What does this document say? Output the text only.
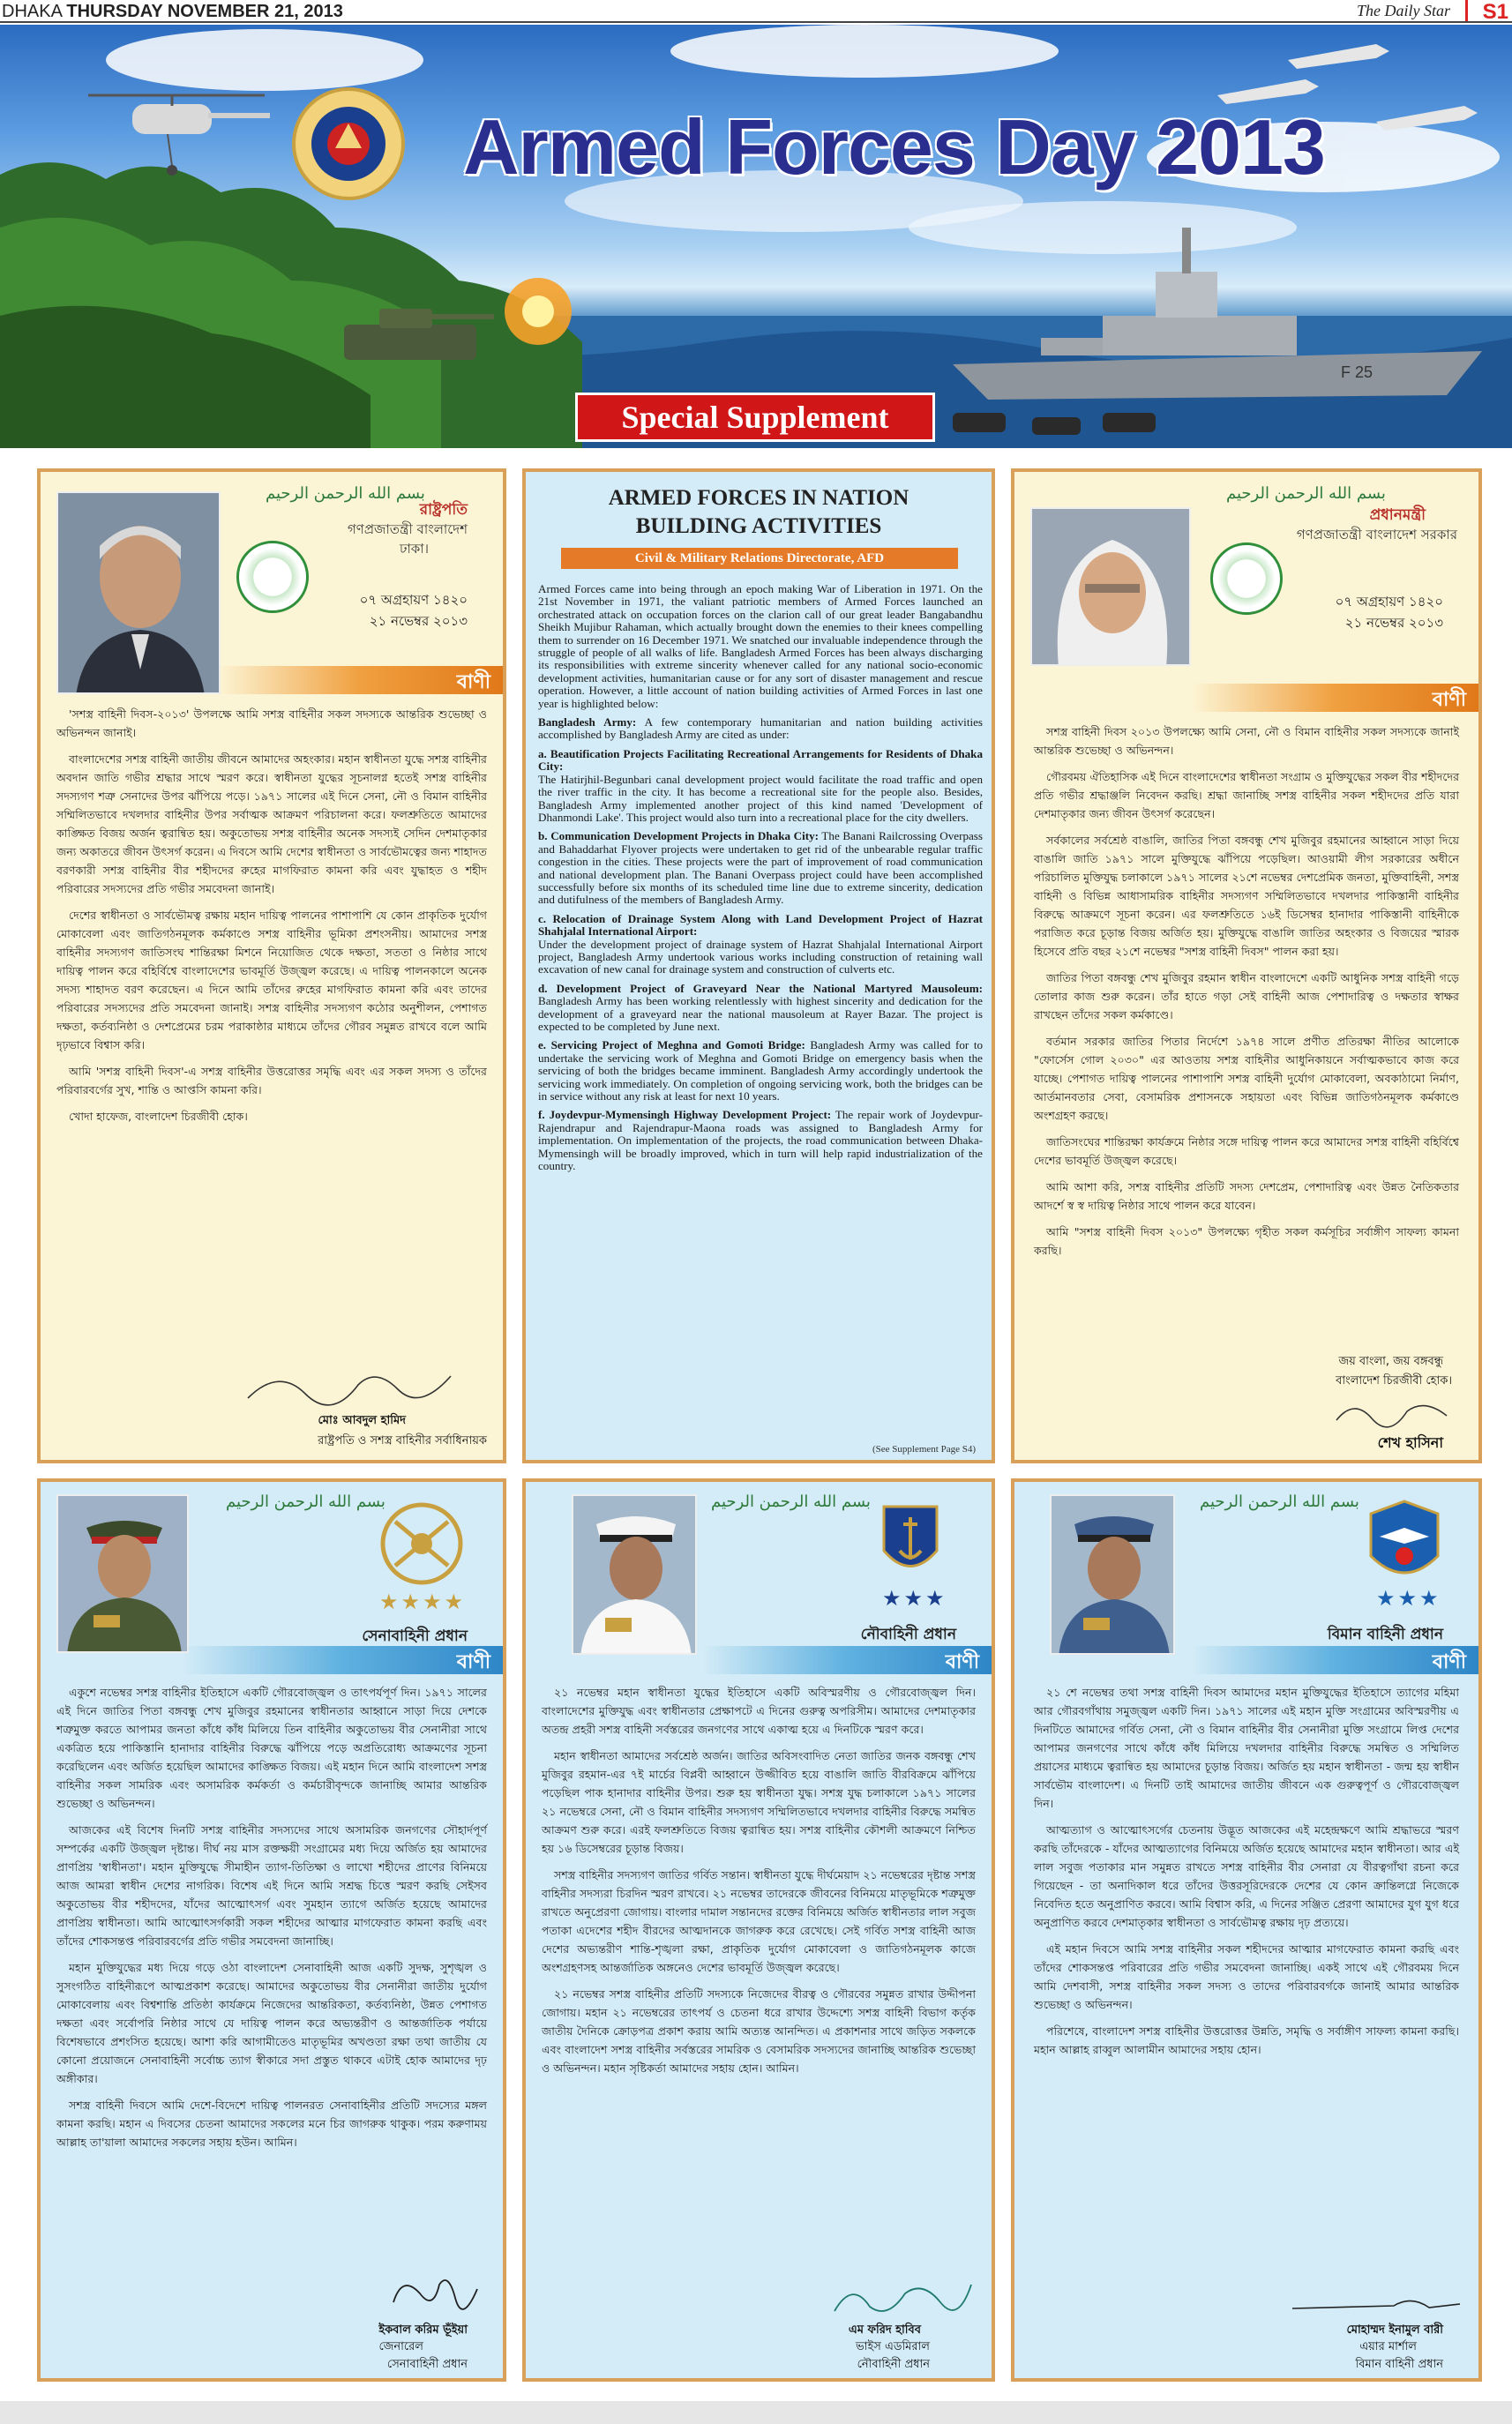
DHAKA THURSDAY NOVEMBER 21, 2013	The Daily Star S1
F 25
Armed Forces Day 2013
Special Supplement
بسم الله الرحمن الرحيم
রাষ্ট্রপতি
গণপ্রজাতন্ত্রী বাংলাদেশ
ঢাকা।
০৭ অগ্রহায়ণ ১৪২০
২১ নভেম্বর ২০১৩
বাণী

'সশস্ত্র বাহিনী দিবস-২০১৩' উপলক্ষে আমি সশস্ত্র বাহিনীর সকল সদস্যকে আন্তরিক শুভেচ্ছা ও অভিনন্দন জানাই।

বাংলাদেশের সশস্ত্র বাহিনী জাতীয় জীবনে আমাদের অহংকার। মহান স্বাধীনতা যুদ্ধে সশস্ত্র বাহিনীর অবদান জাতি গভীর শ্রদ্ধার সাথে স্মরণ করে। স্বাধীনতা যুদ্ধের সূচনালগ্ন হতেই সশস্ত্র বাহিনীর সদস্যগণ শত্রু সেনাদের উপর ঝাঁপিয়ে পড়ে। ১৯৭১ সালের এই দিনে সেনা, নৌ ও বিমান বাহিনীর সম্মিলিতভাবে দখলদার বাহিনীর উপর সর্বাত্মক আক্রমণ পরিচালনা করে। ফলশ্রুতিতে আমাদের কাঙ্ক্ষিত বিজয় অর্জন ত্বরান্বিত হয়। অকুতোভয় সশস্ত্র বাহিনীর অনেক সদস্যই সেদিন দেশমাতৃকার জন্য অকাতরে জীবন উৎসর্গ করেন। এ দিবসে আমি দেশের স্বাধীনতা ও সার্বভৌমত্বের জন্য শাহাদত বরণকারী সশস্ত্র বাহিনীর বীর শহীদদের রুহের মাগফিরাত কামনা করি এবং যুদ্ধাহত ও শহীদ পরিবারের সদস্যদের প্রতি গভীর সমবেদনা জানাই।

দেশের স্বাধীনতা ও সার্বভৌমত্ব রক্ষায় মহান দায়িত্ব পালনের পাশাপাশি যে কোন প্রাকৃতিক দুর্যোগ মোকাবেলা এবং জাতিগঠনমূলক কর্মকাণ্ডে সশস্ত্র বাহিনীর ভূমিকা প্রশংসনীয়। আমাদের সশস্ত্র বাহিনীর সদস্যগণ জাতিসংঘ শান্তিরক্ষা মিশনে নিয়োজিত থেকে দক্ষতা, সততা ও নিষ্ঠার সাথে দায়িত্ব পালন করে বহির্বিশ্বে বাংলাদেশের ভাবমূর্তি উজ্জ্বল করেছে। এ দায়িত্ব পালনকালে অনেক সদস্য শাহাদত বরণ করেছেন। এ দিনে আমি তাঁদের রুহের মাগফিরাত কামনা করি এবং তাদের পরিবারের সদস্যদের প্রতি সমবেদনা জানাই। সশস্ত্র বাহিনীর সদস্যগণ কঠোর অনুশীলন, পেশাগত দক্ষতা, কর্তব্যনিষ্ঠা ও দেশপ্রেমের চরম পরাকাষ্ঠার মাধ্যমে তাঁদের গৌরব সমুন্নত রাখবে বলে আমি দৃঢ়ভাবে বিশ্বাস করি।

আমি 'সশস্ত্র বাহিনী দিবস'-এ সশস্ত্র বাহিনীর উত্তরোত্তর সমৃদ্ধি এবং এর সকল সদস্য ও তাঁদের পরিবারবর্গের সুখ, শান্তি ও আপ্তসি কামনা করি।

খোদা হাফেজ, বাংলাদেশ চিরজীবী হোক।

মোঃ আবদুল হামিদ
রাষ্ট্রপতি ও সশস্ত্র বাহিনীর সর্বাধিনায়ক
ARMED FORCES IN NATION
BUILDING ACTIVITIES
Civil & Military Relations Directorate, AFD

Armed Forces came into being through an epoch making War of Liberation in 1971. On the 21st November in 1971, the valiant patriotic members of Armed Forces launched an orchestrated attack on occupation forces on the clarion call of our great leader Bangabandhu Sheikh Mujibur Rahaman, which actually brought down the enemies to their knees compelling them to surrender on 16 December 1971. We snatched our invaluable independence through the struggle of people of all walks of life. Bangladesh Armed Forces has been always discharging its responsibilities with extreme sincerity whenever called for any national socio-economic development activities, humanitarian cause or for any sort of disaster management and rescue operation. However, a little account of nation building activities of Armed Forces in last one year is highlighted below:

Bangladesh Army: A few contemporary humanitarian and nation building activities accomplished by Bangladesh Army are cited as under:

a. Beautification Projects Facilitating Recreational Arrangements for Residents of Dhaka City:
The Hatirjhil-Begunbari canal development project would facilitate the road traffic and open the river traffic in the city. It has become a recreational site for the people also. Besides, Bangladesh Army implemented another project of this kind named 'Development of Dhanmondi Lake'. This project would also turn into a recreational place for the city dwellers.

b. Communication Development Projects in Dhaka City: The Banani Railcrossing Overpass and Bahaddarhat Flyover projects were undertaken to get rid of the unbearable regular traffic congestion in the cities. These projects were the part of improvement of road communication and national development plan. The Banani Overpass project could have been accomplished successfully before six months of its scheduled time line due to extreme sincerity, dedication and dutifulness of the members of Bangladesh Army.

c. Relocation of Drainage System Along with Land Development Project of Hazrat Shahjalal International Airport:
Under the development project of drainage system of Hazrat Shahjalal International Airport project, Bangladesh Army undertook various works including construction of retaining wall excavation of new canal for drainage system and construction of culverts etc.

d. Development Project of Graveyard Near the National Martyred Mausoleum: Bangladesh Army has been working relentlessly with highest sincerity and dedication for the development of a graveyard near the national mausoleum at Rayer Bazar. The project is expected to be completed by June next.

e. Servicing Project of Meghna and Gomoti Bridge: Bangladesh Army was called for to undertake the servicing work of Meghna and Gomoti Bridge on emergency basis when the servicing of both the bridges became imminent. Bangladesh Army accordingly undertook the servicing work immediately. On completion of ongoing servicing work, both the bridges can be in service without any risk at least for next 10 years.

f. Joydevpur-Mymensingh Highway Development Project: The repair work of Joydevpur-Rajendrapur and Rajendrapur-Maona roads was assigned to Bangladesh Army for implementation. On implementation of the projects, the road communication between Dhaka-Mymensingh will be broadly improved, which in turn will help rapid industrialization of the country.

(See Supplement Page S4)
بسم الله الرحمن الرحيم
প্রধানমন্ত্রী
গণপ্রজাতন্ত্রী বাংলাদেশ সরকার
০৭ অগ্রহায়ণ ১৪২০
২১ নভেম্বর ২০১৩
বাণী

সশস্ত্র বাহিনী দিবস ২০১৩ উপলক্ষ্যে আমি সেনা, নৌ ও বিমান বাহিনীর সকল সদস্যকে জানাই আন্তরিক শুভেচ্ছা ও অভিনন্দন।

গৌরবময় ঐতিহাসিক এই দিনে বাংলাদেশের স্বাধীনতা সংগ্রাম ও মুক্তিযুদ্ধের সকল বীর শহীদদের প্রতি গভীর শ্রদ্ধাঞ্জলি নিবেদন করছি। শ্রদ্ধা জানাচ্ছি সশস্ত্র বাহিনীর সকল শহীদদের প্রতি যারা দেশমাতৃকার জন্য জীবন উৎসর্গ করেছেন।

সর্বকালের সর্বশ্রেষ্ঠ বাঙালি, জাতির পিতা বঙ্গবন্ধু শেখ মুজিবুর রহমানের আহ্বানে সাড়া দিয়ে বাঙালি জাতি ১৯৭১ সালে মুক্তিযুদ্ধে ঝাঁপিয়ে পড়েছিল। আওয়ামী লীগ সরকারের অধীনে পরিচালিত মুক্তিযুদ্ধ চলাকালে ১৯৭১ সালের ২১শে নভেম্বর দেশপ্রেমিক জনতা, মুক্তিবাহিনী, সশস্ত্র বাহিনী ও বিভিন্ন আধাসামরিক বাহিনীর সদস্যগণ সম্মিলিতভাবে দখলদার পাকিস্তানী বাহিনীর বিরুদ্ধে আক্রমণে সূচনা করেন। এর ফলশ্রুতিতে ১৬ই ডিসেম্বর হানাদার পাকিস্তানী বাহিনীকে পরাজিত করে চূড়ান্ত বিজয় অর্জিত হয়। মুক্তিযুদ্ধে বাঙালি জাতির অহংকার ও বিজয়ের স্মারক হিসেবে প্রতি বছর ২১শে নভেম্বর "সশস্ত্র বাহিনী দিবস" পালন করা হয়।

জাতির পিতা বঙ্গবন্ধু শেখ মুজিবুর রহমান স্বাধীন বাংলাদেশে একটি আধুনিক সশস্ত্র বাহিনী গড়ে তোলার কাজ শুরু করেন। তাঁর হাতে গড়া সেই বাহিনী আজ পেশাদারিত্ব ও দক্ষতার স্বাক্ষর রাখছেন তাঁদের সকল কর্মকাণ্ডে।

বর্তমান সরকার জাতির পিতার নির্দেশে ১৯৭৪ সালে প্রণীত প্রতিরক্ষা নীতির আলোকে "ফোর্সেস গোল ২০৩০" এর আওতায় সশস্ত্র বাহিনীর আধুনিকায়নে সর্বাত্মকভাবে কাজ করে যাচ্ছে। পেশাগত দায়িত্ব পালনের পাশাপাশি সশস্ত্র বাহিনী দুর্যোগ মোকাবেলা, অবকাঠামো নির্মাণ, আর্তমানবতার সেবা, বেসামরিক প্রশাসনকে সহায়তা এবং বিভিন্ন জাতিগঠনমূলক কর্মকাণ্ডে অংশগ্রহণ করছে।

জাতিসংঘের শান্তিরক্ষা কার্যক্রমে নিষ্ঠার সঙ্গে দায়িত্ব পালন করে আমাদের সশস্ত্র বাহিনী বহির্বিশ্বে দেশের ভাবমূর্তি উজ্জ্বল করেছে।

আমি আশা করি, সশস্ত্র বাহিনীর প্রতিটি সদস্য দেশপ্রেম, পেশাদারিত্ব এবং উন্নত নৈতিকতার আদর্শে স্ব স্ব দায়িত্ব নিষ্ঠার সাথে পালন করে যাবেন।

আমি "সশস্ত্র বাহিনী দিবস ২০১৩" উপলক্ষ্যে গৃহীত সকল কর্মসূচির সর্বাঙ্গীণ সাফল্য কামনা করছি।

জয় বাংলা, জয় বঙ্গবন্ধু
বাংলাদেশ চিরজীবী হোক।
শেখ হাসিনা
بسم الله الرحمن الرحيم
★★★★
সেনাবাহিনী প্রধান
বাণী

একুশে নভেম্বর সশস্ত্র বাহিনীর ইতিহাসে একটি গৌরবোজ্জ্বল ও তাৎপর্যপূর্ণ দিন। ১৯৭১ সালের এই দিনে জাতির পিতা বঙ্গবন্ধু শেখ মুজিবুর রহমানের স্বাধীনতার আহ্বানে সাড়া দিয়ে দেশকে শত্রুমুক্ত করতে আপামর জনতা কাঁধে কাঁধ মিলিয়ে তিন বাহিনীর অকুতোভয় বীর সেনানীরা সাথে একত্রিত হয়ে পাকিস্তানি হানাদার বাহিনীর বিরুদ্ধে ঝাঁপিয়ে পড়ে অপ্রতিরোধ্য আক্রমণের সূচনা করেছিলেন এবং অর্জিত হয়েছিল আমাদের কাঙ্ক্ষিত বিজয়। এই মহান দিনে আমি বাংলাদেশ সশস্ত্র বাহিনীর সকল সামরিক এবং অসামরিক কর্মকর্তা ও কর্মচারীবৃন্দকে জানাচ্ছি আমার আন্তরিক শুভেচ্ছা ও অভিনন্দন।

আজকের এই বিশেষ দিনটি সশস্ত্র বাহিনীর সদস্যদের সাথে অসামরিক জনগণের সৌহার্দপূর্ণ সম্পর্কের একটি উজ্জ্বল দৃষ্টান্ত। দীর্ঘ নয় মাস রক্তক্ষয়ী সংগ্রামের মধ্য দিয়ে অর্জিত হয় আমাদের প্রাণপ্রিয় 'স্বাধীনতা'। মহান মুক্তিযুদ্ধে সীমাহীন ত্যাগ-তিতিক্ষা ও লাখো শহীদের প্রাণের বিনিময়ে আজ আমরা স্বাধীন দেশের নাগরিক। বিশেষ এই দিনে আমি সশ্রদ্ধ চিত্তে স্মরণ করছি সেইসব অকুতোভয় বীর শহীদদের, যাঁদের আত্মোৎসর্গ এবং সুমহান ত্যাগে অর্জিত হয়েছে আমাদের প্রাণপ্রিয় স্বাধীনতা। আমি আত্মোৎসর্গকারী সকল শহীদের আত্মার মাগফেরাত কামনা করছি এবং তাঁদের শোকসন্তপ্ত পরিবারবর্গের প্রতি গভীর সমবেদনা জানাচ্ছি।

মহান মুক্তিযুদ্ধের মধ্য দিয়ে গড়ে ওঠা বাংলাদেশ সেনাবাহিনী আজ একটি সুদক্ষ, সুশৃঙ্খল ও সুসংগঠিত বাহিনীরূপে আত্মপ্রকাশ করেছে। আমাদের অকুতোভয় বীর সেনানীরা জাতীয় দুর্যোগ মোকাবেলায় এবং বিশ্বশান্তি প্রতিষ্ঠা কার্যক্রমে নিজেদের আন্তরিকতা, কর্তব্যনিষ্ঠা, উন্নত পেশাগত দক্ষতা এবং সর্বোপরি নিষ্ঠার সাথে যে দায়িত্ব পালন করে অভ্যন্তরীণ ও আন্তর্জাতিক পর্যায়ে বিশেষভাবে প্রশংসিত হয়েছে। আশা করি আগামীতেও মাতৃভূমির অখণ্ডতা রক্ষা তথা জাতীয় যে কোনো প্রয়োজনে সেনাবাহিনী সর্বোচ্চ ত্যাগ স্বীকারে সদা প্রস্তুত থাকবে এটাই হোক আমাদের দৃঢ় অঙ্গীকার।

সশস্ত্র বাহিনী দিবসে আমি দেশে-বিদেশে দায়িত্ব পালনরত সেনাবাহিনীর প্রতিটি সদস্যের মঙ্গল কামনা করছি। মহান এ দিবসের চেতনা আমাদের সকলের মনে চির জাগরুক থাকুক। পরম করুণাময় আল্লাহ তা'য়ালা আমাদের সকলের সহায় হউন। আমিন।

ইকবাল করিম ভূঁইয়া
জেনারেল
সেনাবাহিনী প্রধান
بسم الله الرحمن الرحيم
★★★
নৌবাহিনী প্রধান
বাণী

২১ নভেম্বর মহান স্বাধীনতা যুদ্ধের ইতিহাসে একটি অবিস্মরণীয় ও গৌরবোজ্জ্বল দিন। বাংলাদেশের মুক্তিযুদ্ধ এবং স্বাধীনতার প্রেক্ষাপটে এ দিনের গুরুত্ব অপরিসীম। আমাদের দেশমাতৃকার অতন্দ্র প্রহরী সশস্ত্র বাহিনী সর্বস্তরের জনগণের সাথে একাত্ম হয়ে এ দিনটিকে স্মরণ করে।

মহান স্বাধীনতা আমাদের সর্বশ্রেষ্ঠ অর্জন। জাতির অবিসংবাদিত নেতা জাতির জনক বঙ্গবন্ধু শেখ মুজিবুর রহমান-এর ৭ই মার্চের বিপ্লবী আহ্বানে উজ্জীবিত হয়ে বাঙালি জাতি বীরবিক্রমে ঝাঁপিয়ে পড়েছিল পাক হানাদার বাহিনীর উপর। শুরু হয় স্বাধীনতা যুদ্ধ। সশস্ত্র যুদ্ধ চলাকালে ১৯৭১ সালের ২১ নভেম্বরে সেনা, নৌ ও বিমান বাহিনীর সদস্যগণ সম্মিলিতভাবে দখলদার বাহিনীর বিরুদ্ধে সমন্বিত আক্রমণ শুরু করে। এরই ফলশ্রুতিতে বিজয় ত্বরান্বিত হয়। সশস্ত্র বাহিনীর কৌশলী আক্রমণে নিশ্চিত হয় ১৬ ডিসেম্বরের চূড়ান্ত বিজয়।

সশস্ত্র বাহিনীর সদস্যগণ জাতির গর্বিত সন্তান। স্বাধীনতা যুদ্ধে দীর্ঘমেয়াদ ২১ নভেম্বরের দৃষ্টান্ত সশস্ত্র বাহিনীর সদস্যরা চিরদিন স্মরণ রাখবে। ২১ নভেম্বর তাদেরকে জীবনের বিনিময়ে মাতৃভূমিকে শত্রুমুক্ত রাখতে অনুপ্রেরণা জোগায়। বাংলার দামাল সন্তানদের রক্তের বিনিময়ে অর্জিত স্বাধীনতার লাল সবুজ পতাকা এদেশের শহীদ বীরদের আত্মদানকে জাগরুক করে রেখেছে। সেই গর্বিত সশস্ত্র বাহিনী আজ দেশের অভ্যন্তরীণ শান্তি-শৃঙ্খলা রক্ষা, প্রাকৃতিক দুর্যোগ মোকাবেলা ও জাতিগঠনমূলক কাজে অংশগ্রহণসহ আন্তর্জাতিক অঙ্গনেও দেশের ভাবমূর্তি উজ্জ্বল করেছে।

২১ নভেম্বর সশস্ত্র বাহিনীর প্রতিটি সদস্যকে নিজেদের বীরত্ব ও গৌরবের সমুন্নত রাখার উদ্দীপনা জোগায়। মহান ২১ নভেম্বরের তাৎপর্য ও চেতনা ধরে রাখার উদ্দেশ্যে সশস্ত্র বাহিনী বিভাগ কর্তৃক জাতীয় দৈনিকে ক্রোড়পত্র প্রকাশ করায় আমি অত্যন্ত আনন্দিত। এ প্রকাশনার সাথে জড়িত সকলকে এবং বাংলাদেশ সশস্ত্র বাহিনীর সর্বস্তরের সামরিক ও বেসামরিক সদস্যদের জানাচ্ছি আন্তরিক শুভেচ্ছা ও অভিনন্দন। মহান সৃষ্টিকর্তা আমাদের সহায় হোন। আমিন।

এম ফরিদ হাবিব
ভাইস এডমিরাল
নৌবাহিনী প্রধান
بسم الله الرحمن الرحيم
★★★
বিমান বাহিনী প্রধান
বাণী

২১ শে নভেম্বর তথা সশস্ত্র বাহিনী দিবস আমাদের মহান মুক্তিযুদ্ধের ইতিহাসে ত্যাগের মহিমা আর গৌরবগাঁথায় সমুজ্জ্বল একটি দিন। ১৯৭১ সালের এই মহান মুক্তি সংগ্রামের অবিস্মরণীয় এ দিনটিতে আমাদের গর্বিত সেনা, নৌ ও বিমান বাহিনীর বীর সেনানীরা মুক্তি সংগ্রামে লিপ্ত দেশের আপামর জনগণের সাথে কাঁধে কাঁধ মিলিয়ে দখলদার বাহিনীর বিরুদ্ধে সমন্বিত ও সম্মিলিত প্রয়াসের মাধ্যমে ত্বরান্বিত হয় আমাদের চূড়ান্ত বিজয়। অর্জিত হয় মহান স্বাধীনতা - জন্ম হয় স্বাধীন সার্বভৌম বাংলাদেশ। এ দিনটি তাই আমাদের জাতীয় জীবনে এক গুরুত্বপূর্ণ ও গৌরবোজ্জ্বল দিন।

আত্মত্যাগ ও আত্মোৎসর্গের চেতনায় উদ্ভূত আজকের এই মহেন্দ্রক্ষণে আমি শ্রদ্ধাভরে স্মরণ করছি তাঁদেরকে - যাঁদের আত্মত্যাগের বিনিময়ে অর্জিত হয়েছে আমাদের মহান স্বাধীনতা। আর এই লাল সবুজ পতাকার মান সমুন্নত রাখতে সশস্ত্র বাহিনীর বীর সেনারা যে বীরত্বগাঁথা রচনা করে গিয়েছেন - তা অনাদিকাল ধরে তাঁদের উত্তরসূরিদেরকে দেশের যে কোন ক্রান্তিলগ্নে নিজেকে নিবেদিত হতে অনুপ্রাণিত করবে। আমি বিশ্বাস করি, এ দিনের সঞ্জিত প্রেরণা আমাদের যুগ যুগ ধরে অনুপ্রাণিত করবে দেশমাতৃকার স্বাধীনতা ও সার্বভৌমত্ব রক্ষায় দৃঢ় প্রত্যয়ে।

এই মহান দিবসে আমি সশস্ত্র বাহিনীর সকল শহীদদের আত্মার মাগফেরাত কামনা করছি এবং তাঁদের শোকসন্তপ্ত পরিবারের প্রতি গভীর সমবেদনা জানাচ্ছি। একই সাথে এই গৌরবময় দিনে আমি দেশবাসী, সশস্ত্র বাহিনীর সকল সদস্য ও তাদের পরিবারবর্গকে জানাই আমার আন্তরিক শুভেচ্ছা ও অভিনন্দন।

পরিশেষে, বাংলাদেশ সশস্ত্র বাহিনীর উত্তরোত্তর উন্নতি, সমৃদ্ধি ও সর্বাঙ্গীণ সাফল্য কামনা করছি। মহান আল্লাহ রাব্বুল আলামীন আমাদের সহায় হোন।

মোহাম্মদ ইনামুল বারী
এয়ার মার্শাল
বিমান বাহিনী প্রধান
